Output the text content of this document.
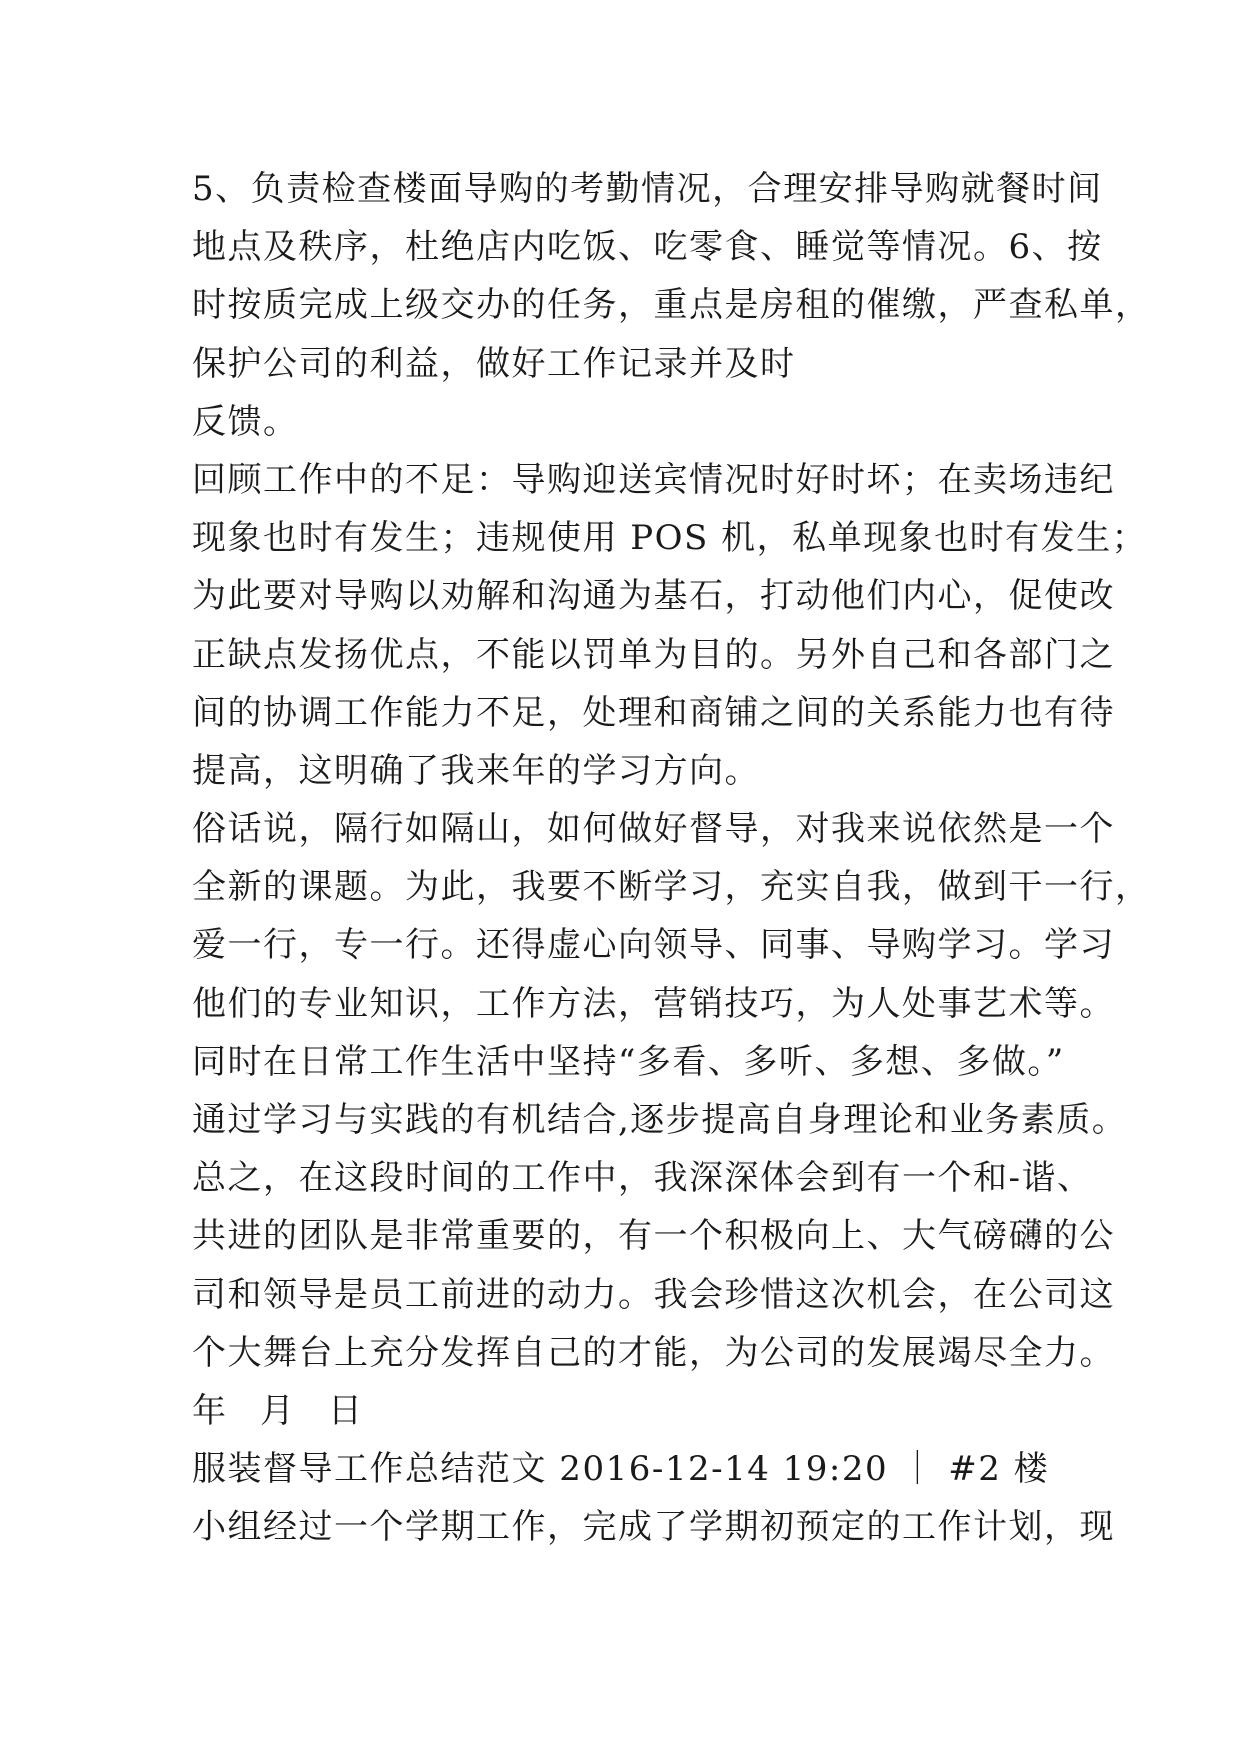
5、负责检查楼面导购的考勤情况，合理安排导购就餐时间
地点及秩序，杜绝店内吃饭、吃零食、睡觉等情况。6、按
时按质完成上级交办的任务，重点是房租的催缴，严查私单，
保护公司的利益，做好工作记录并及时
反馈。
回顾工作中的不足：导购迎送宾情况时好时坏；在卖场违纪
现象也时有发生；违规使用 POS 机，私单现象也时有发生；
为此要对导购以劝解和沟通为基石，打动他们内心，促使改
正缺点发扬优点，不能以罚单为目的。另外自己和各部门之
间的协调工作能力不足，处理和商铺之间的关系能力也有待
提高，这明确了我来年的学习方向。
俗话说，隔行如隔山，如何做好督导，对我来说依然是一个
全新的课题。为此，我要不断学习，充实自我，做到干一行，
爱一行，专一行。还得虚心向领导、同事、导购学习。学习
他们的专业知识，工作方法，营销技巧，为人处事艺术等。
同时在日常工作生活中坚持“多看、多听、多想、多做。”
通过学习与实践的有机结合,逐步提高自身理论和业务素质。
总之，在这段时间的工作中，我深深体会到有一个和-谐、
共进的团队是非常重要的，有一个积极向上、大气磅礴的公
司和领导是员工前进的动力。我会珍惜这次机会，在公司这
个大舞台上充分发挥自己的才能，为公司的发展竭尽全力。
年 月 日
服装督导工作总结范文 2016-12-14 19:20 ｜ #2 楼
小组经过一个学期工作，完成了学期初预定的工作计划，现
